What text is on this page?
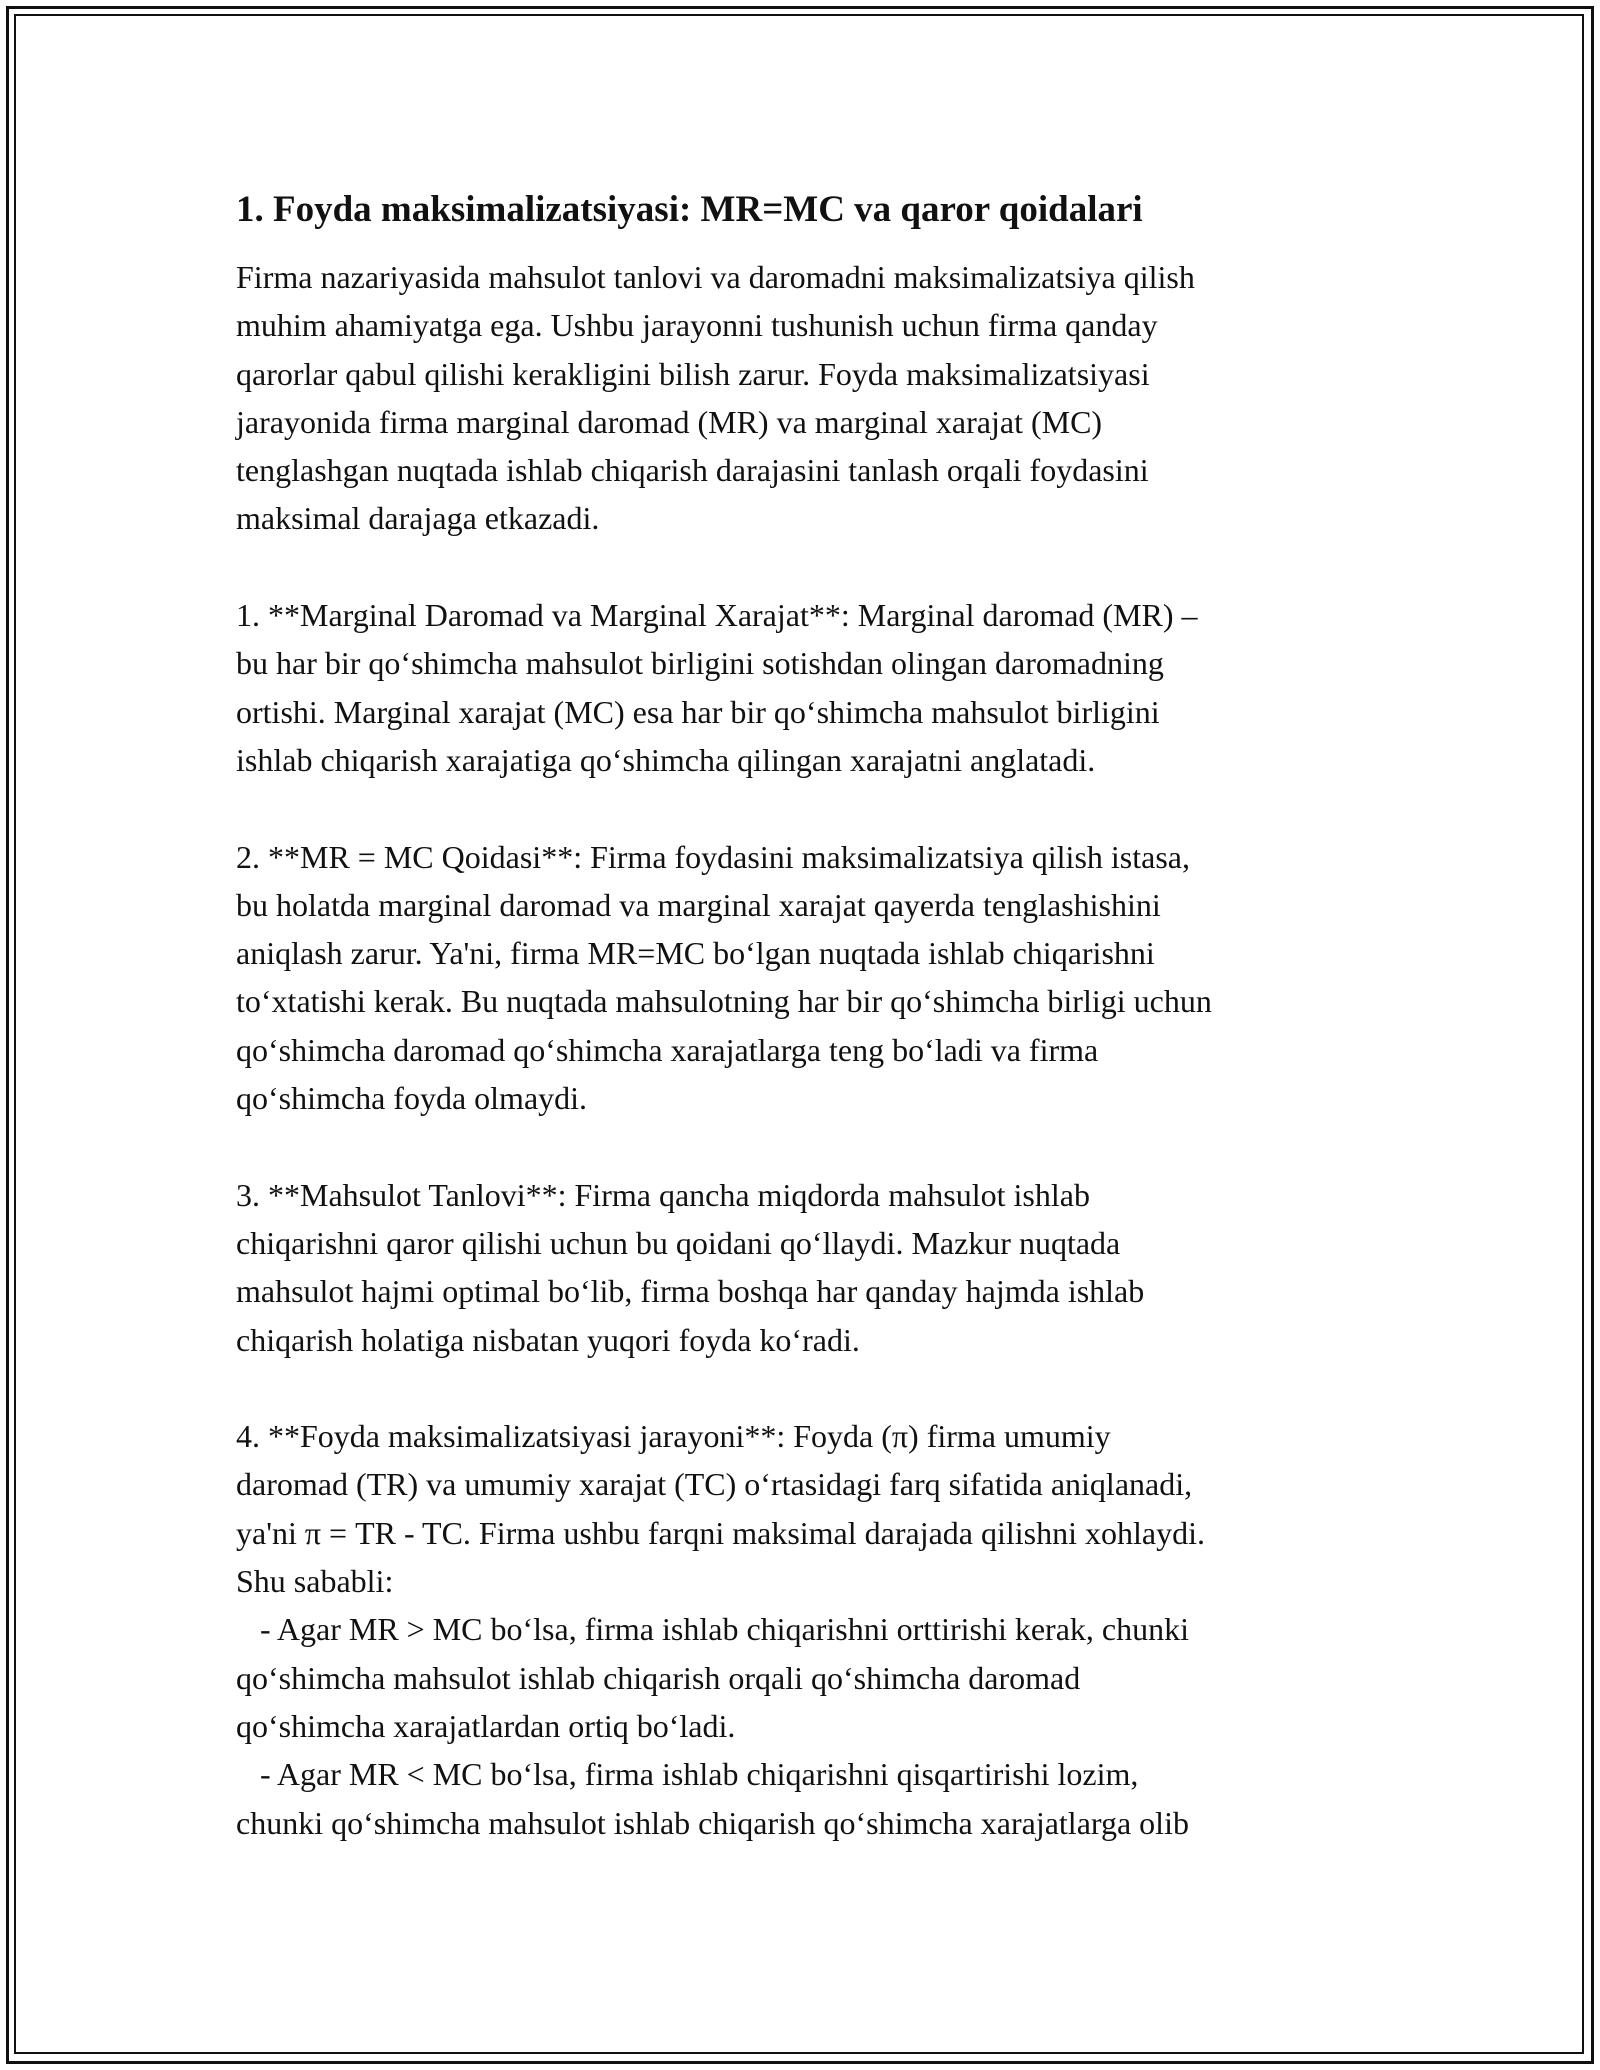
1. Foyda maksimalizatsiyasi: MR=MC va qaror qoidalari
Firma nazariyasida mahsulot tanlovi va daromadni maksimalizatsiya qilish
muhim ahamiyatga ega. Ushbu jarayonni tushunish uchun firma qanday
qarorlar qabul qilishi kerakligini bilish zarur. Foyda maksimalizatsiyasi
jarayonida firma marginal daromad (MR) va marginal xarajat (MC)
tenglashgan nuqtada ishlab chiqarish darajasini tanlash orqali foydasini
maksimal darajaga etkazadi.

1. **Marginal Daromad va Marginal Xarajat**: Marginal daromad (MR) –
bu har bir qo‘shimcha mahsulot birligini sotishdan olingan daromadning
ortishi. Marginal xarajat (MC) esa har bir qo‘shimcha mahsulot birligini
ishlab chiqarish xarajatiga qo‘shimcha qilingan xarajatni anglatadi.

2. **MR = MC Qoidasi**: Firma foydasini maksimalizatsiya qilish istasa,
bu holatda marginal daromad va marginal xarajat qayerda tenglashishini
aniqlash zarur. Ya'ni, firma MR=MC bo‘lgan nuqtada ishlab chiqarishni
to‘xtatishi kerak. Bu nuqtada mahsulotning har bir qo‘shimcha birligi uchun
qo‘shimcha daromad qo‘shimcha xarajatlarga teng bo‘ladi va firma
qo‘shimcha foyda olmaydi.

3. **Mahsulot Tanlovi**: Firma qancha miqdorda mahsulot ishlab
chiqarishni qaror qilishi uchun bu qoidani qo‘llaydi. Mazkur nuqtada
mahsulot hajmi optimal bo‘lib, firma boshqa har qanday hajmda ishlab
chiqarish holatiga nisbatan yuqori foyda ko‘radi.

4. **Foyda maksimalizatsiyasi jarayoni**: Foyda (π) firma umumiy
daromad (TR) va umumiy xarajat (TC) o‘rtasidagi farq sifatida aniqlanadi,
ya'ni π = TR - TC. Firma ushbu farqni maksimal darajada qilishni xohlaydi.
Shu sababli:
- Agar MR > MC bo‘lsa, firma ishlab chiqarishni orttirishi kerak, chunki
qo‘shimcha mahsulot ishlab chiqarish orqali qo‘shimcha daromad
qo‘shimcha xarajatlardan ortiq bo‘ladi.
- Agar MR < MC bo‘lsa, firma ishlab chiqarishni qisqartirishi lozim,
chunki qo‘shimcha mahsulot ishlab chiqarish qo‘shimcha xarajatlarga olib
